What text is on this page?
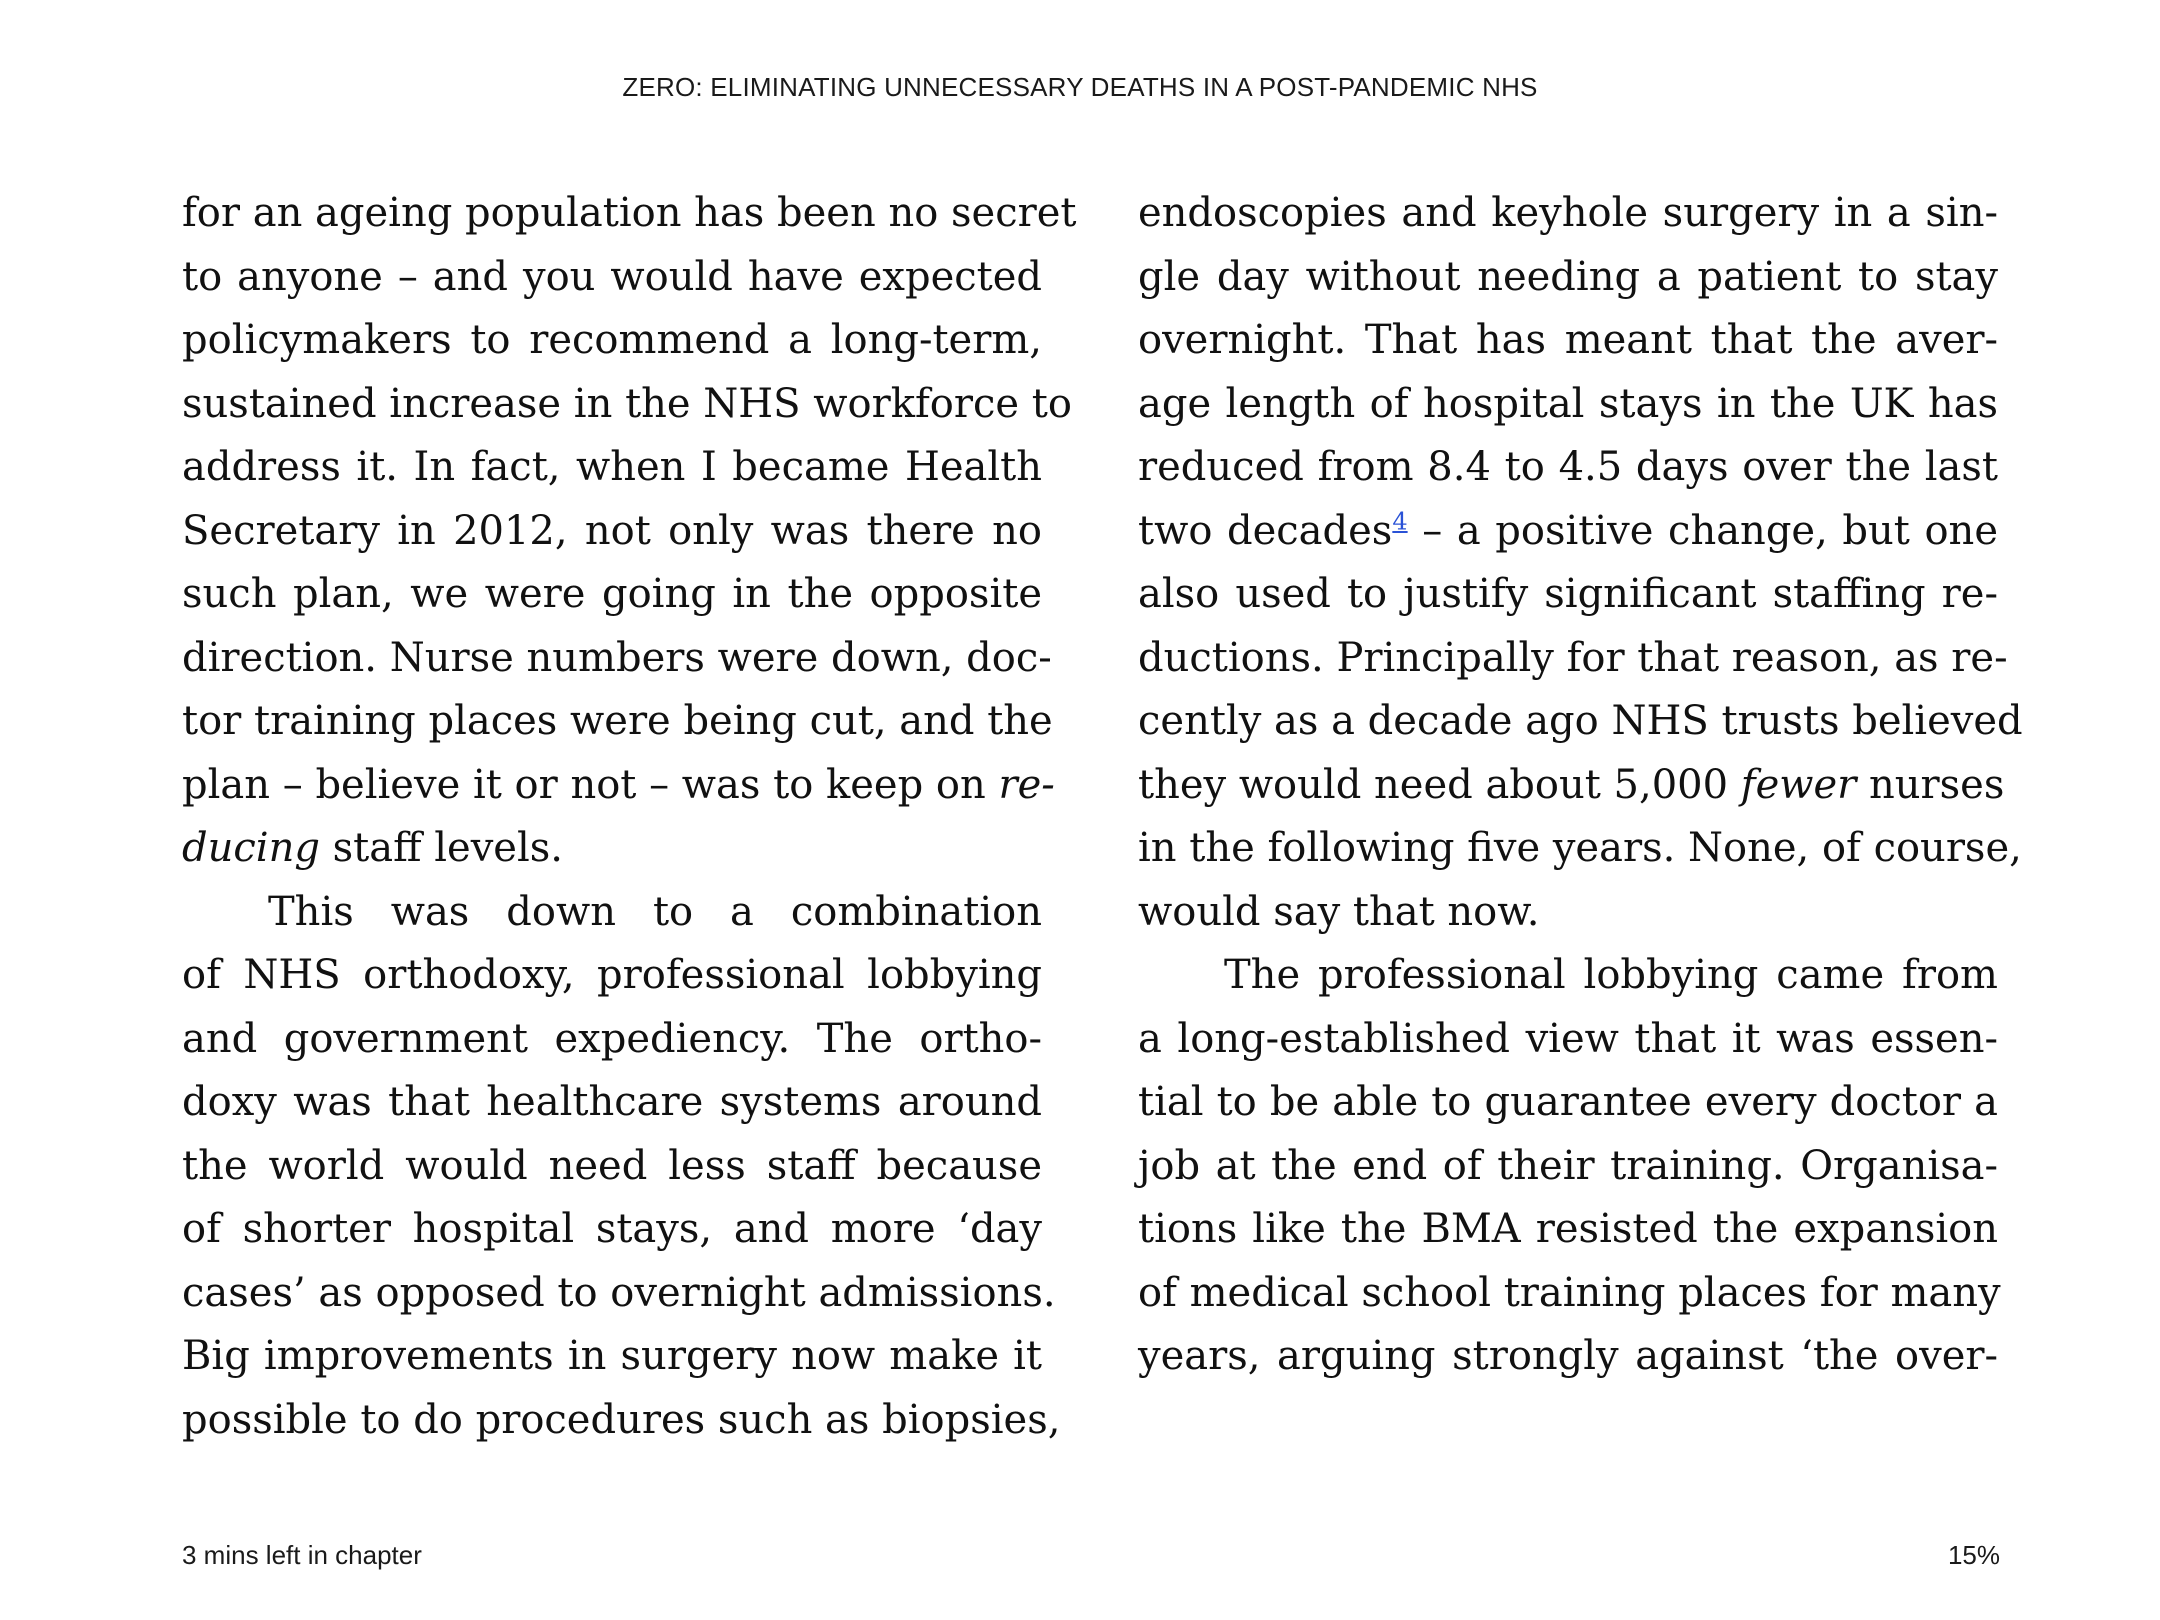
ZERO: ELIMINATING UNNECESSARY DEATHS IN A POST-PANDEMIC NHS
for an ageing population has been no secret
to anyone – and you would have expected
policymakers to recommend a long-term,
sustained increase in the NHS workforce to
address it. In fact, when I became Health
Secretary in 2012, not only was there no
such plan, we were going in the opposite
direction. Nurse numbers were down, doc-
tor training places were being cut, and the
plan – believe it or not – was to keep on re-
ducing staff levels.
This was down to a combination
of NHS orthodoxy, professional lobbying
and government expediency. The ortho-
doxy was that healthcare systems around
the world would need less staff because
of shorter hospital stays, and more ‘day
cases’ as opposed to overnight admissions.
Big improvements in surgery now make it
possible to do procedures such as biopsies,
endoscopies and keyhole surgery in a sin-
gle day without needing a patient to stay
overnight. That has meant that the aver-
age length of hospital stays in the UK has
reduced from 8.4 to 4.5 days over the last
two decades$^4$ – a positive change, but one
also used to justify significant staffing re-
ductions. Principally for that reason, as re-
cently as a decade ago NHS trusts believed
they would need about 5,000 fewer nurses
in the following five years. None, of course,
would say that now.
The professional lobbying came from
a long-established view that it was essen-
tial to be able to guarantee every doctor a
job at the end of their training. Organisa-
tions like the BMA resisted the expansion
of medical school training places for many
years, arguing strongly against ‘the over-
3 mins left in chapter	15%
